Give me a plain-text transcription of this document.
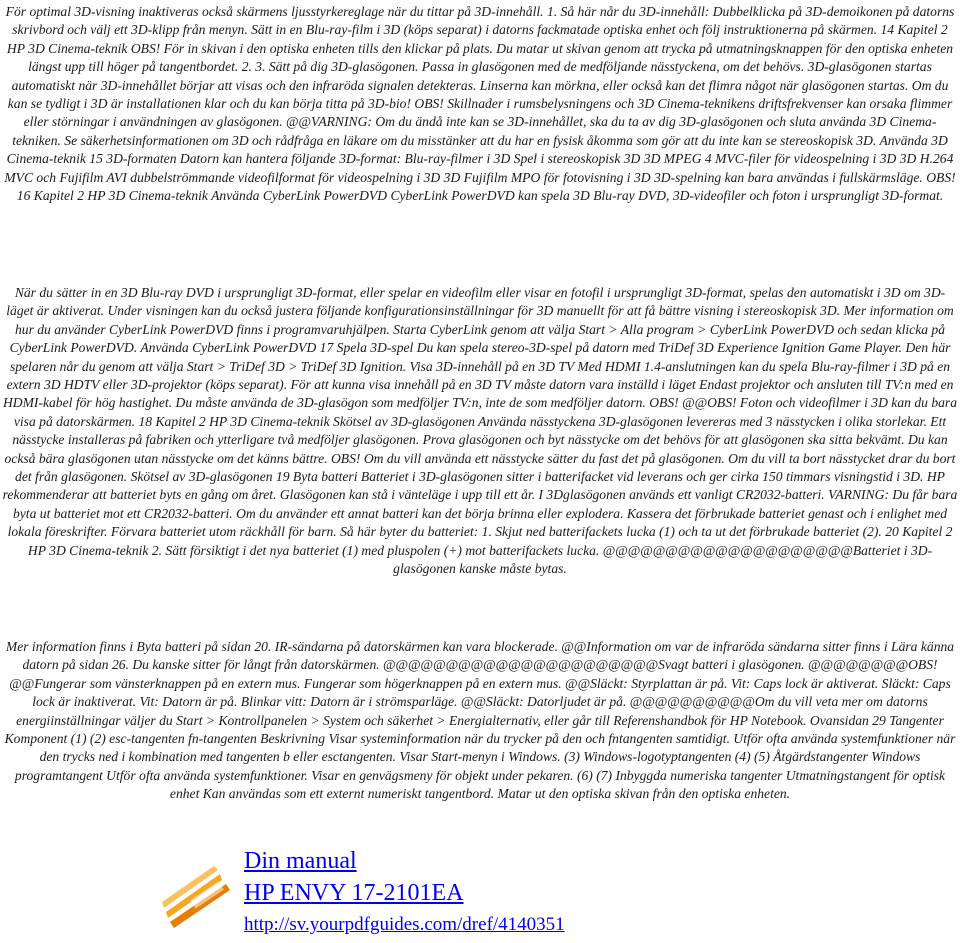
För optimal 3D-visning inaktiveras också skärmens ljusstyrkereglage när du tittar på 3D-innehåll. 1. Så här når du 3D-innehåll: Dubbelklicka på 3D-demoikonen på datorns skrivbord och välj ett 3D-klipp från menyn. Sätt in en Blu-ray-film i 3D (köps separat) i datorns fackmatade optiska enhet och följ instruktionerna på skärmen. 14 Kapitel 2 HP 3D Cinema-teknik OBS! För in skivan i den optiska enheten tills den klickar på plats. Du matar ut skivan genom att trycka på utmatningsknappen för den optiska enheten längst upp till höger på tangentbordet. 2. 3. Sätt på dig 3D-glasögonen. Passa in glasögonen med de medföljande nässtyckena, om det behövs. 3D-glasögonen startas automatiskt när 3D-innehållet börjar att visas och den infraröda signalen detekteras. Linserna kan mörkna, eller också kan det flimra något när glasögonen startas. Om du kan se tydligt i 3D är installationen klar och du kan börja titta på 3D-bio! OBS! Skillnader i rumsbelysningens och 3D Cinema-teknikens driftsfrekvenser kan orsaka flimmer eller störningar i användningen av glasögonen. @@VARNING: Om du ändå inte kan se 3D-innehållet, ska du ta av dig 3D-glasögonen och sluta använda 3D Cinema-tekniken. Se säkerhetsinformationen om 3D och rådfråga en läkare om du misstänker att du har en fysisk åkomma som gör att du inte kan se stereoskopisk 3D. Använda 3D Cinema-teknik 15 3D-formaten Datorn kan hantera följande 3D-format: Blu-ray-filmer i 3D Spel i stereoskopisk 3D 3D MPEG 4 MVC-filer för videospelning i 3D 3D H.264 MVC och Fujifilm AVI dubbelströmmande videofilformat för videospelning i 3D 3D Fujifilm MPO för fotovisning i 3D 3D-spelning kan bara användas i fullskärmsläge. OBS! 16 Kapitel 2 HP 3D Cinema-teknik Använda CyberLink PowerDVD CyberLink PowerDVD kan spela 3D Blu-ray DVD, 3D-videofiler och foton i ursprungligt 3D-format.

När du sätter in en 3D Blu-ray DVD i ursprungligt 3D-format, eller spelar en videofilm eller visar en fotofil i ursprungligt 3D-format, spelas den automatiskt i 3D om 3D-läget är aktiverat. Under visningen kan du också justera följande konfigurationsinställningar för 3D manuellt för att få bättre visning i stereoskopisk 3D. Mer information om hur du använder CyberLink PowerDVD finns i programvaruhjälpen. Starta CyberLink genom att välja Start > Alla program > CyberLink PowerDVD och sedan klicka på CyberLink PowerDVD. Använda CyberLink PowerDVD 17 Spela 3D-spel Du kan spela stereo-3D-spel på datorn med TriDef 3D Experience Ignition Game Player. Den här spelaren når du genom att välja Start > TriDef 3D > TriDef 3D Ignition. Visa 3D-innehåll på en 3D TV Med HDMI 1.4-anslutningen kan du spela Blu-ray-filmer i 3D på en extern 3D HDTV eller 3D-projektor (köps separat). För att kunna visa innehåll på en 3D TV måste datorn vara inställd i läget Endast projektor och ansluten till TV:n med en HDMI-kabel för hög hastighet. Du måste använda de 3D-glasögon som medföljer TV:n, inte de som medföljer datorn. OBS! @@OBS! Foton och videofilmer i 3D kan du bara visa på datorskärmen. 18 Kapitel 2 HP 3D Cinema-teknik Skötsel av 3D-glasögonen Använda nässtyckena 3D-glasögonen levereras med 3 nässtycken i olika storlekar. Ett nässtycke installeras på fabriken och ytterligare två medföljer glasögonen. Prova glasögonen och byt nässtycke om det behövs för att glasögonen ska sitta bekvämt. Du kan också bära glasögonen utan nässtycke om det känns bättre. OBS! Om du vill använda ett nässtycke sätter du fast det på glasögonen. Om du vill ta bort nässtycket drar du bort det från glasögonen. Skötsel av 3D-glasögonen 19 Byta batteri Batteriet i 3D-glasögonen sitter i batterifacket vid leverans och ger cirka 150 timmars visningstid i 3D. HP rekommenderar att batteriet byts en gång om året. Glasögonen kan stå i vänteläge i upp till ett år. I 3Dglasögonen används ett vanligt CR2032-batteri. VARNING: Du får bara byta ut batteriet mot ett CR2032-batteri. Om du använder ett annat batteri kan det börja brinna eller explodera. Kassera det förbrukade batteriet genast och i enlighet med lokala föreskrifter. Förvara batteriet utom räckhåll för barn. Så här byter du batteriet: 1. Skjut ned batterifackets lucka (1) och ta ut det förbrukade batteriet (2). 20 Kapitel 2 HP 3D Cinema-teknik 2. Sätt försiktigt i det nya batteriet (1) med pluspolen (+) mot batterifackets lucka. @@@@@@@@@@@@@@@@@@@@Batteriet i 3D-glasögonen kanske måste bytas.

Mer information finns i Byta batteri på sidan 20. IR-sändarna på datorskärmen kan vara blockerade. @@Information om var de infraröda sändarna sitter finns i Lära känna datorn på sidan 26. Du kanske sitter för långt från datorskärmen. @@@@@@@@@@@@@@@@@@@@@@Svagt batteri i glasögonen. @@@@@@@@OBS! @@Fungerar som vänsterknappen på en extern mus. Fungerar som högerknappen på en extern mus. @@Släckt: Styrplattan är på. Vit: Caps lock är aktiverat. Släckt: Caps lock är inaktiverat. Vit: Datorn är på. Blinkar vitt: Datorn är i strömsparläge. @@Släckt: Datorljudet är på. @@@@@@@@@@Om du vill veta mer om datorns energiinställningar väljer du Start > Kontrollpanelen > System och säkerhet > Energialternativ, eller går till Referenshandbok för HP Notebook. Ovansidan 29 Tangenter Komponent (1) (2) esc-tangenten fn-tangenten Beskrivning Visar systeminformation när du trycker på den och fntangenten samtidigt. Utför ofta använda systemfunktioner när den trycks ned i kombination med tangenten b eller esctangenten. Visar Start-menyn i Windows. (3) Windows-logotyptangenten (4) (5) Åtgärdstangenter Windows programtangent Utför ofta använda systemfunktioner. Visar en genvägsmeny för objekt under pekaren. (6) (7) Inbyggda numeriska tangenter Utmatningstangent för optisk enhet Kan användas som ett externt numeriskt tangentbord. Matar ut den optiska skivan från den optiska enheten.

Din manual
HP ENVY 17-2101EA
http://sv.yourpdfguides.com/dref/4140351
